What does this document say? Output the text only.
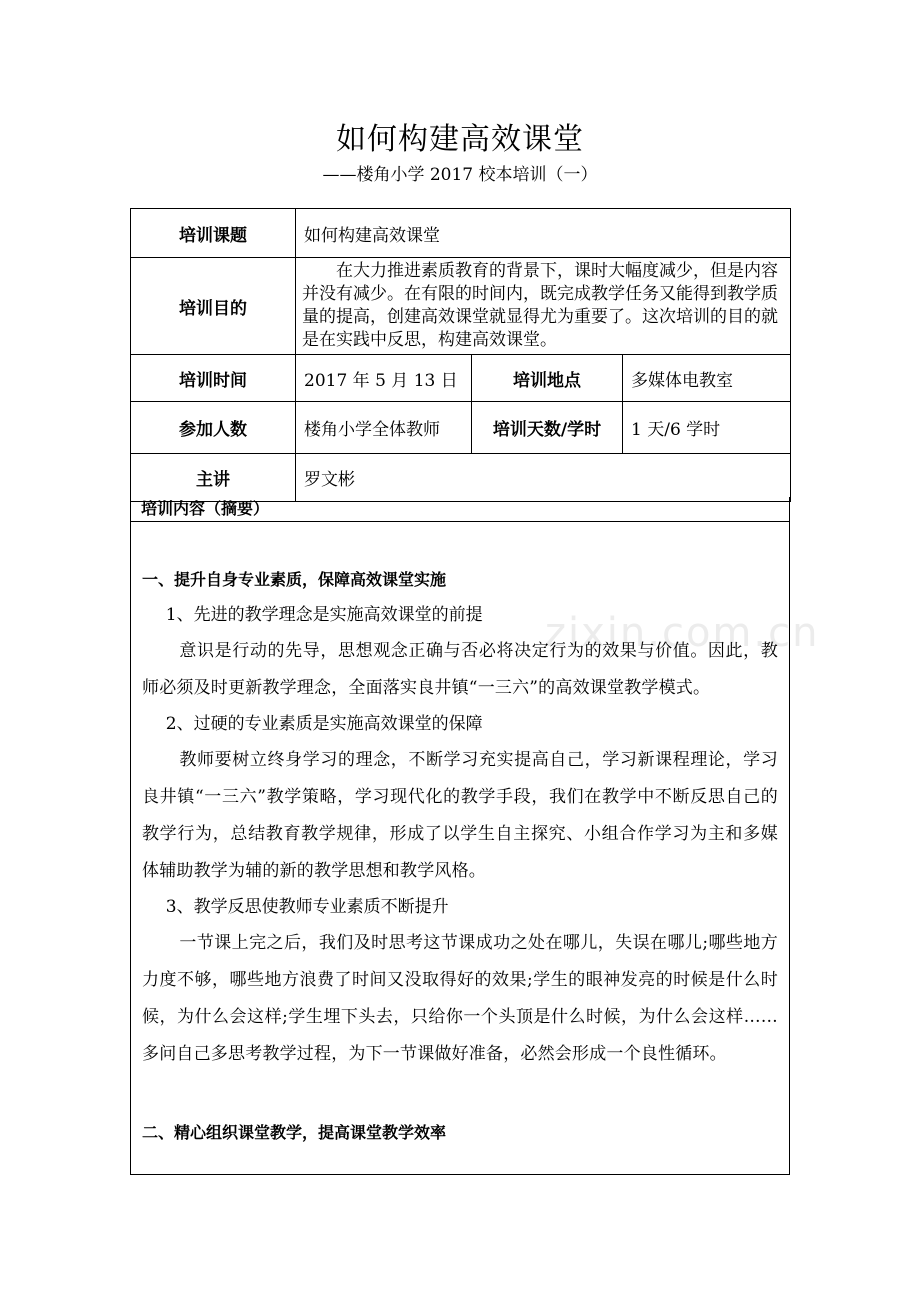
zixin.com.cn
如何构建高效课堂
——楼角小学 2017 校本培训（一）
培训课题	如何构建高效课堂		
培训目的	在大力推进素质教育的背景下，课时大幅度减少，但是内容并没有减少。在有限的时间内，既完成教学任务又能得到教学质量的提高，创建高效课堂就显得尤为重要了。这次培训的目的就是在实践中反思，构建高效课堂。		
培训时间	2017 年 5 月 13 日	培训地点	多媒体电教室
参加人数	楼角小学全体教师	培训天数/学时	1 天/6 学时
主讲	罗文彬		
培训内容（摘要）
一、提升自身专业素质，保障高效课堂实施
1、先进的教学理念是实施高效课堂的前提
意识是行动的先导，思想观念正确与否必将决定行为的效果与价值。因此，教师必须及时更新教学理念，全面落实良井镇“一三六”的高效课堂教学模式。
2、过硬的专业素质是实施高效课堂的保障
教师要树立终身学习的理念，不断学习充实提高自己，学习新课程理论，学习良井镇“一三六”教学策略，学习现代化的教学手段，我们在教学中不断反思自己的教学行为，总结教育教学规律，形成了以学生自主探究、小组合作学习为主和多媒体辅助教学为辅的新的教学思想和教学风格。
3、教学反思使教师专业素质不断提升
一节课上完之后，我们及时思考这节课成功之处在哪儿，失误在哪儿;哪些地方力度不够，哪些地方浪费了时间又没取得好的效果;学生的眼神发亮的时候是什么时候，为什么会这样;学生埋下头去，只给你一个头顶是什么时候，为什么会这样……多问自己多思考教学过程，为下一节课做好准备，必然会形成一个良性循环。
二、精心组织课堂教学，提高课堂教学效率
